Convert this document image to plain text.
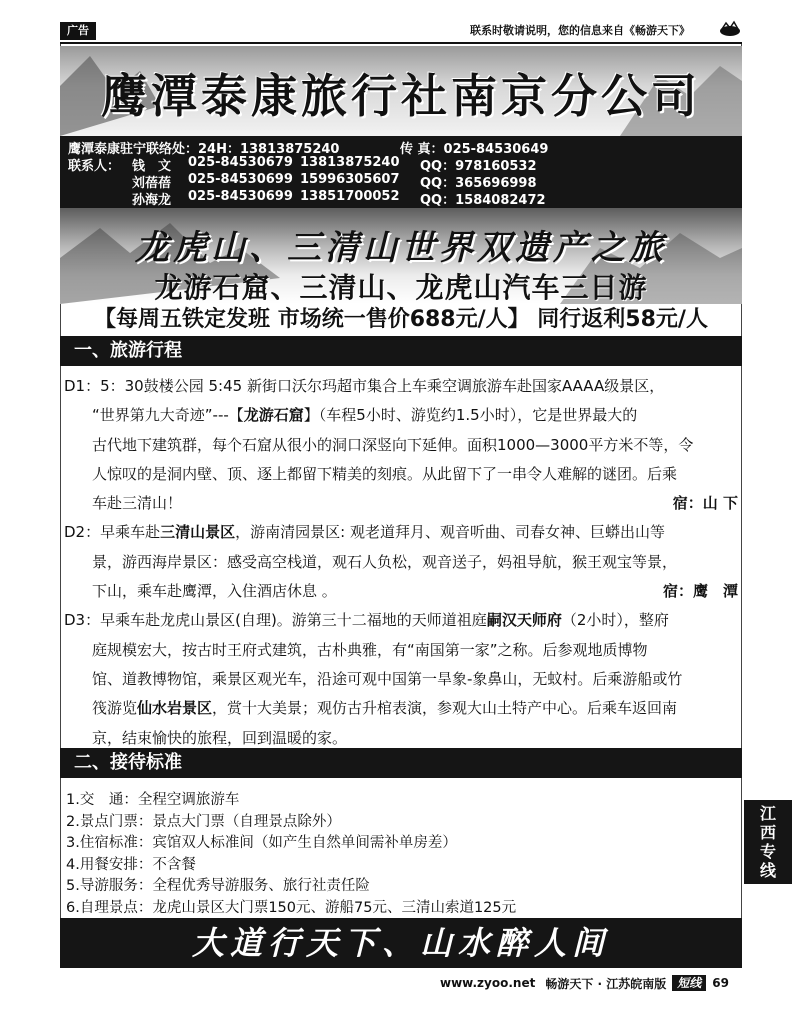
广告	联系时敬请说明，您的信息来自《畅游天下》
鹰潭泰康旅行社南京分公司
鹰潭泰康驻宁联络处：24H：13813875240	传 真：025-84530649
联系人： 钱　文	025-84530679 13813875240	QQ：978160532
刘蓓蓓	025-84530699 15996305607	QQ：365696998
孙海龙	025-84530699 13851700052	QQ：1584082472
龙虎山、三清山世界双遗产之旅
龙游石窟、三清山、龙虎山汽车三日游
【每周五铁定发班 市场统一售价688元/人】 同行返利58元/人
一、旅游行程

D1：5：30鼓楼公园 5:45 新街口沃尔玛超市集合上车乘空调旅游车赴国家AAAA级景区，

“世界第九大奇迹”---【龙游石窟】（车程5小时、游览约1.5小时），它是世界最大的

古代地下建筑群，每个石窟从很小的洞口深竖向下延伸。面积1000—3000平方米不等，令

人惊叹的是洞内壁、顶、逐上都留下精美的刻痕。从此留下了一串令人难解的谜团。后乘

车赴三清山！	宿：山 下

D2：早乘车赴三清山景区，游南清园景区: 观老道拜月、观音听曲、司春女神、巨蟒出山等

景，游西海岸景区：感受高空栈道，观石人负松，观音送子，妈祖导航，猴王观宝等景，

下山，乘车赴鹰潭，入住酒店休息 。	宿：鹰　潭

D3：早乘车赴龙虎山景区(自理)。游第三十二福地的天师道祖庭嗣汉天师府（2小时），整府

庭规模宏大，按古时王府式建筑，古朴典雅，有“南国第一家”之称。后参观地质博物

馆、道教博物馆，乘景区观光车，沿途可观中国第一旱象-象鼻山，无蚊村。后乘游船或竹

筏游览仙水岩景区，赏十大美景；观仿古升棺表演，参观大山土特产中心。后乘车返回南

京，结束愉快的旅程，回到温暖的家。

二、接待标准

1.交　通：全程空调旅游车

2.景点门票：景点大门票（自理景点除外）

3.住宿标准：宾馆双人标准间（如产生自然单间需补单房差）

4.用餐安排：不含餐

5.导游服务：全程优秀导游服务、旅行社责任险

6.自理景点：龙虎山景区大门票150元、游船75元、三清山索道125元

大道行天下、山水醉人间
江
西
专
线
www.zyoo.net 畅游天下 · 江苏皖南版 短线 69
